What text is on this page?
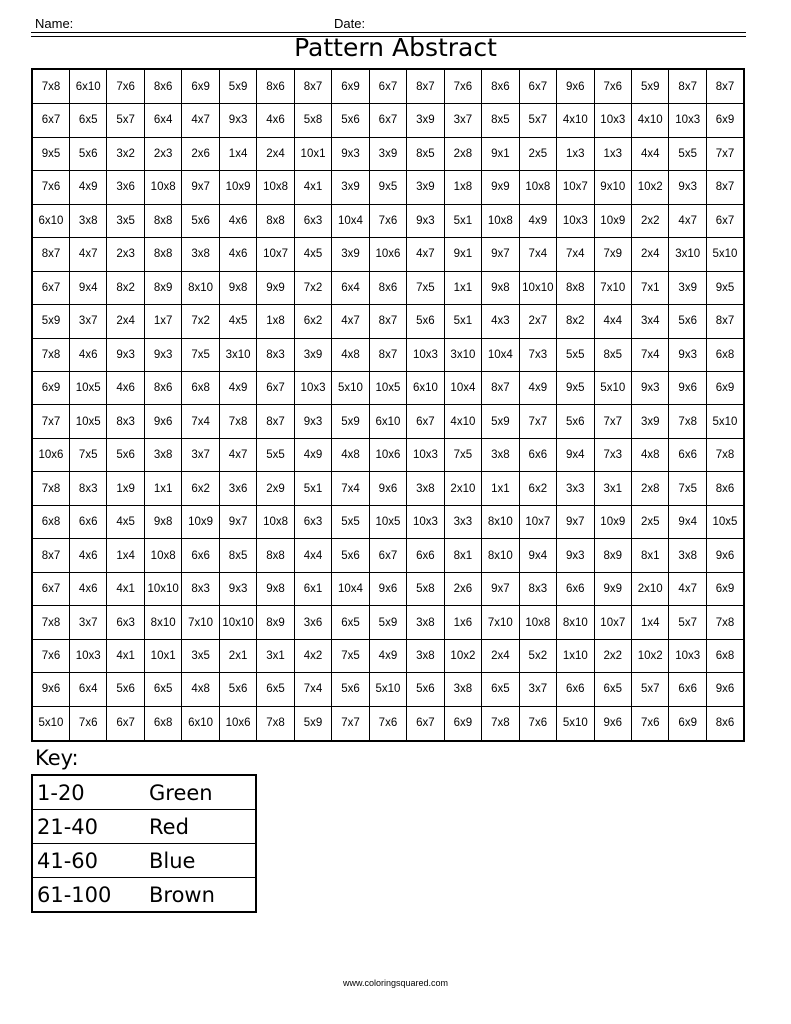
Name:	Date:
Pattern Abstract
7x8	6x10	7x6	8x6	6x9	5x9	8x6	8x7	6x9	6x7	8x7	7x6	8x6	6x7	9x6	7x6	5x9	8x7	8x7
6x7	6x5	5x7	6x4	4x7	9x3	4x6	5x8	5x6	6x7	3x9	3x7	8x5	5x7	4x10	10x3	4x10	10x3	6x9
9x5	5x6	3x2	2x3	2x6	1x4	2x4	10x1	9x3	3x9	8x5	2x8	9x1	2x5	1x3	1x3	4x4	5x5	7x7
7x6	4x9	3x6	10x8	9x7	10x9	10x8	4x1	3x9	9x5	3x9	1x8	9x9	10x8	10x7	9x10	10x2	9x3	8x7
6x10	3x8	3x5	8x8	5x6	4x6	8x8	6x3	10x4	7x6	9x3	5x1	10x8	4x9	10x3	10x9	2x2	4x7	6x7
8x7	4x7	2x3	8x8	3x8	4x6	10x7	4x5	3x9	10x6	4x7	9x1	9x7	7x4	7x4	7x9	2x4	3x10	5x10
6x7	9x4	8x2	8x9	8x10	9x8	9x9	7x2	6x4	8x6	7x5	1x1	9x8	10x10	8x8	7x10	7x1	3x9	9x5
5x9	3x7	2x4	1x7	7x2	4x5	1x8	6x2	4x7	8x7	5x6	5x1	4x3	2x7	8x2	4x4	3x4	5x6	8x7
7x8	4x6	9x3	9x3	7x5	3x10	8x3	3x9	4x8	8x7	10x3	3x10	10x4	7x3	5x5	8x5	7x4	9x3	6x8
6x9	10x5	4x6	8x6	6x8	4x9	6x7	10x3	5x10	10x5	6x10	10x4	8x7	4x9	9x5	5x10	9x3	9x6	6x9
7x7	10x5	8x3	9x6	7x4	7x8	8x7	9x3	5x9	6x10	6x7	4x10	5x9	7x7	5x6	7x7	3x9	7x8	5x10
10x6	7x5	5x6	3x8	3x7	4x7	5x5	4x9	4x8	10x6	10x3	7x5	3x8	6x6	9x4	7x3	4x8	6x6	7x8
7x8	8x3	1x9	1x1	6x2	3x6	2x9	5x1	7x4	9x6	3x8	2x10	1x1	6x2	3x3	3x1	2x8	7x5	8x6
6x8	6x6	4x5	9x8	10x9	9x7	10x8	6x3	5x5	10x5	10x3	3x3	8x10	10x7	9x7	10x9	2x5	9x4	10x5
8x7	4x6	1x4	10x8	6x6	8x5	8x8	4x4	5x6	6x7	6x6	8x1	8x10	9x4	9x3	8x9	8x1	3x8	9x6
6x7	4x6	4x1	10x10	8x3	9x3	9x8	6x1	10x4	9x6	5x8	2x6	9x7	8x3	6x6	9x9	2x10	4x7	6x9
7x8	3x7	6x3	8x10	7x10	10x10	8x9	3x6	6x5	5x9	3x8	1x6	7x10	10x8	8x10	10x7	1x4	5x7	7x8
7x6	10x3	4x1	10x1	3x5	2x1	3x1	4x2	7x5	4x9	3x8	10x2	2x4	5x2	1x10	2x2	10x2	10x3	6x8
9x6	6x4	5x6	6x5	4x8	5x6	6x5	7x4	5x6	5x10	5x6	3x8	6x5	3x7	6x6	6x5	5x7	6x6	9x6
5x10	7x6	6x7	6x8	6x10	10x6	7x8	5x9	7x7	7x6	6x7	6x9	7x8	7x6	5x10	9x6	7x6	6x9	8x6
Key:
1-20	Green
21-40	Red
41-60	Blue
61-100	Brown
www.coloringsquared.com
